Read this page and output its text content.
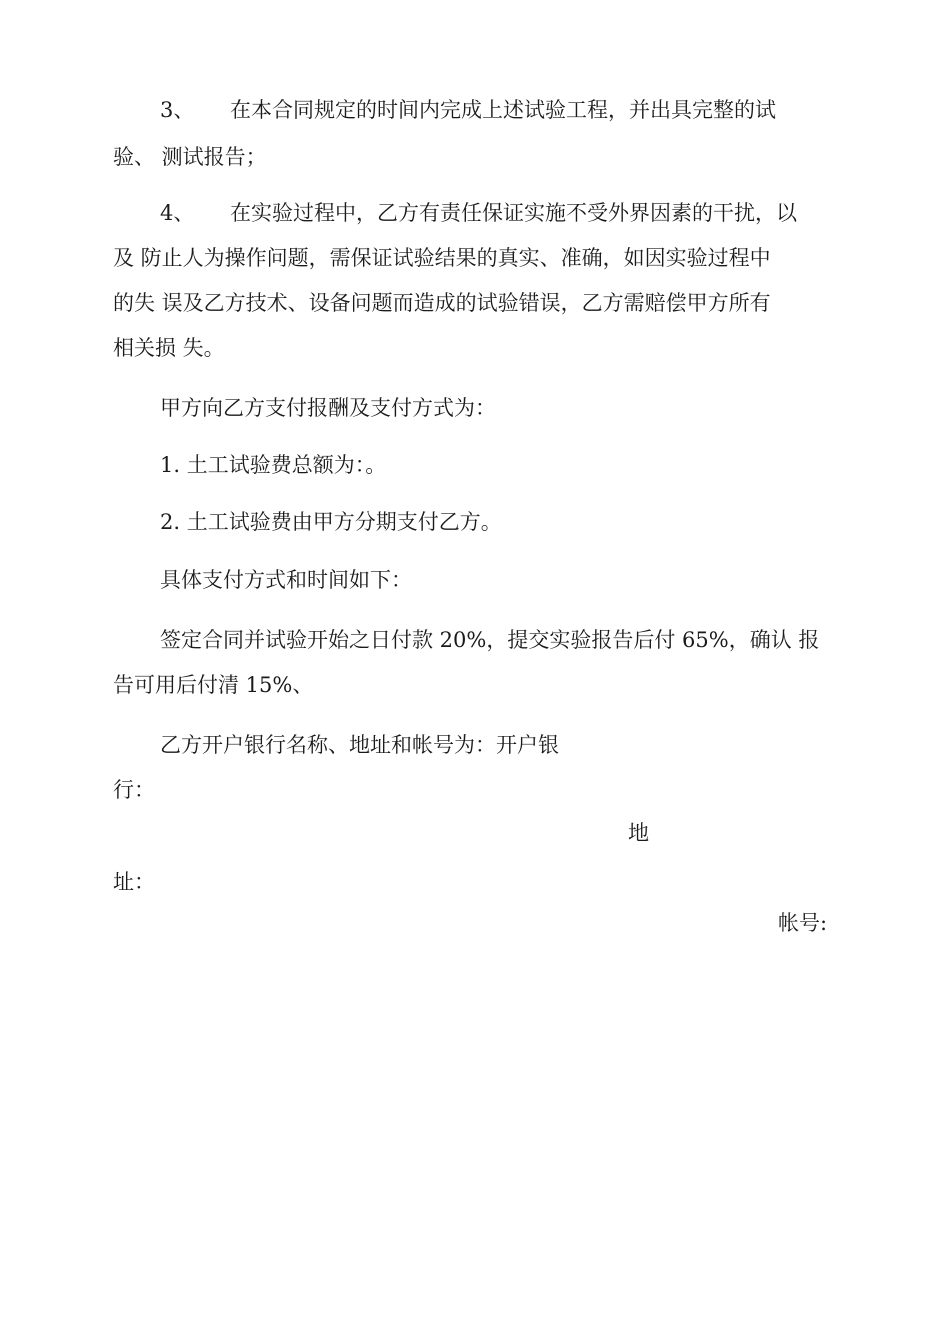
3、 在本合同规定的时间内完成上述试验工程，并出具完整的试
验、 测试报告；
4、 在实验过程中，乙方有责任保证实施不受外界因素的干扰，以
及 防止人为操作问题，需保证试验结果的真实、准确，如因实验过程中
的失 误及乙方技术、设备问题而造成的试验错误，乙方需赔偿甲方所有
相关损 失。
甲方向乙方支付报酬及支付方式为：
1. 土工试验费总额为：。
2. 土工试验费由甲方分期支付乙方。
具体支付方式和时间如下：
签定合同并试验开始之日付款 20%，提交实验报告后付 65%，确认 报
告可用后付清 15%、
乙方开户银行名称、地址和帐号为：开户银
行：
地
址：
帐号:
